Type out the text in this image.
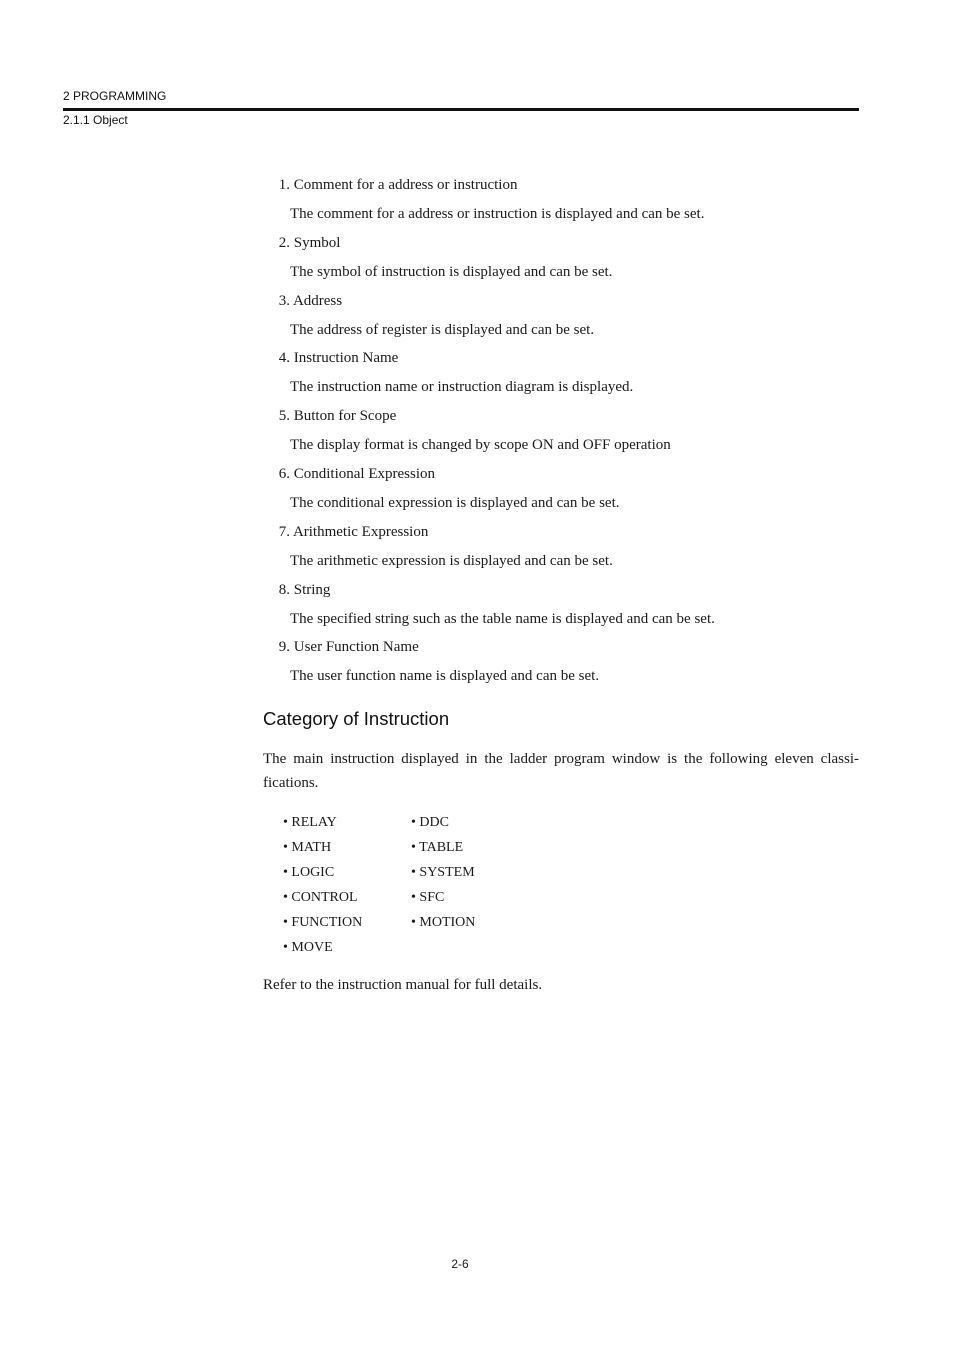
2 PROGRAMMING
2.1.1 Object
1. Comment for a address or instruction
The comment for a address or instruction is displayed and can be set.
2. Symbol
The symbol of instruction is displayed and can be set.
3. Address
The address of register is displayed and can be set.
4. Instruction Name
The instruction name or instruction diagram is displayed.
5. Button for Scope
The display format is changed by scope ON and OFF operation
6. Conditional Expression
The conditional expression is displayed and can be set.
7. Arithmetic Expression
The arithmetic expression is displayed and can be set.
8. String
The specified string such as the table name is displayed and can be set.
9. User Function Name
The user function name is displayed and can be set.
Category of Instruction
The main instruction displayed in the ladder program window is the following eleven classi-fications.
• RELAY
• MATH
• LOGIC
• CONTROL
• FUNCTION
• MOVE
• DDC
• TABLE
• SYSTEM
• SFC
• MOTION
Refer to the instruction manual for full details.
2-6
